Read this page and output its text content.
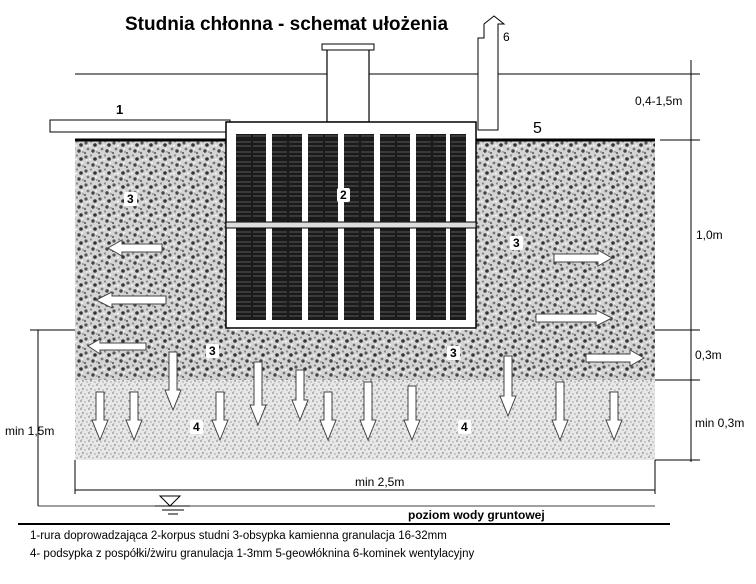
Studnia chłonna - schemat ułożenia
1
2
3
3
3	3
4	4
5
6
0,4-1,5m
1,0m
0,3m
min 0,3m
min 1,5m
min 2,5m
poziom wody gruntowej
1-rura doprowadzająca 2-korpus studni 3-obsypka kamienna granulacja 16-32mm
4- podsypka z pospółki/żwiru granulacja 1-3mm 5-geowłóknina 6-kominek wentylacyjny
